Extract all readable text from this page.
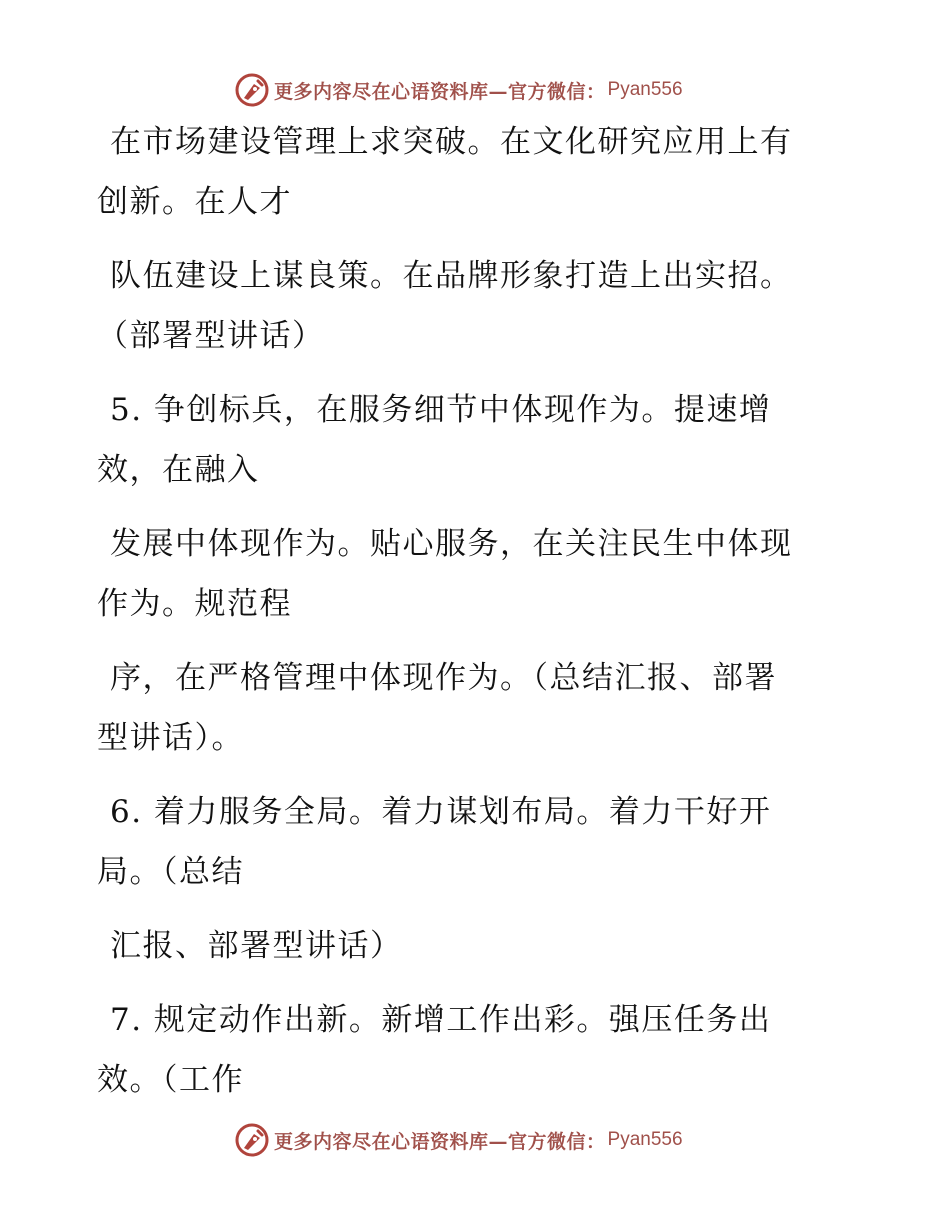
更多内容尽在心语资料库—官方微信： Pyan556
在市场建设管理上求突破。在文化研究应用上有
创新。在人才
队伍建设上谋良策。在品牌形象打造上出实招。
（部署型讲话）
5. 争创标兵，在服务细节中体现作为。提速增
效，在融入
发展中体现作为。贴心服务，在关注民生中体现
作为。规范程
序，在严格管理中体现作为。（总结汇报、部署
型讲话）。
6. 着力服务全局。着力谋划布局。着力干好开
局。（总结
汇报、部署型讲话）
7. 规定动作出新。新增工作出彩。强压任务出
效。（工作
更多内容尽在心语资料库—官方微信： Pyan556
